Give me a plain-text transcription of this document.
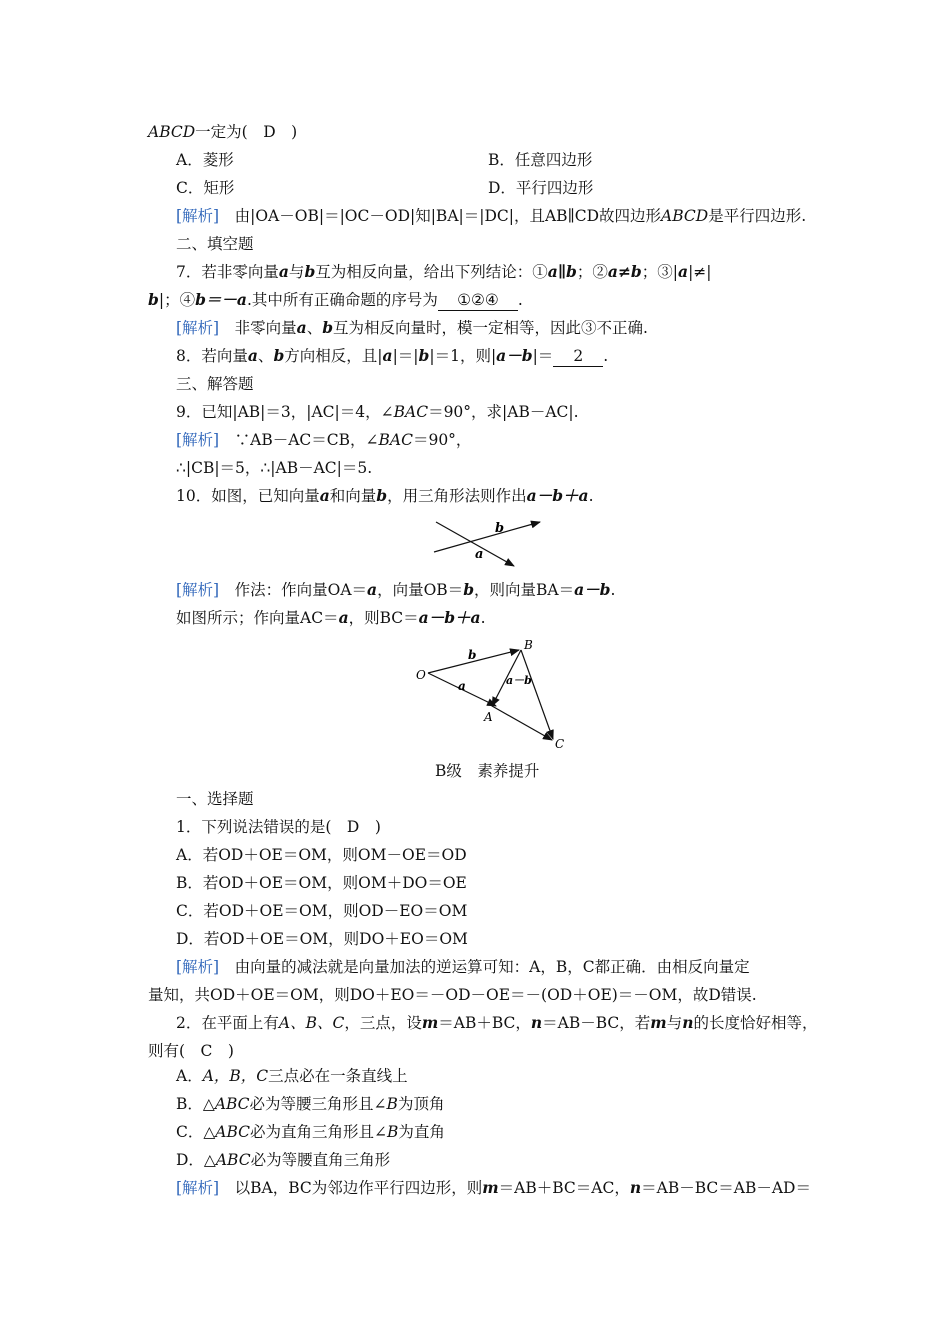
ABCD一定为(　D　)
A．菱形	B．任意四边形
C．矩形	D．平行四边形
[解析]　 由|OA－OB|＝|OC－OD|知|BA|＝|DC|，且AB∥CD故四边形ABCD是平行四边形.
二、填空题
7．若非零向量a与b互为相反向量，给出下列结论：①a∥b；②a≠b；③|a|≠|
b|；④b＝－a.其中所有正确命题的序号为 ①②④ .
[解析]　 非零向量a、b互为相反向量时，模一定相等，因此③不正确.
8．若向量a、b方向相反，且|a|＝|b|＝1，则|a－b|＝ 2 .
三、解答题
9．已知|AB|＝3，|AC|＝4，∠BAC＝90°，求|AB－AC|.
[解析]　 ∵AB－AC＝CB，∠BAC＝90°，
∴|CB|＝5，∴|AB－AC|＝5.
10．如图，已知向量a和向量b，用三角形法则作出a－b＋a.
b
a
[解析]　 作法：作向量OA＝a，向量OB＝b，则向量BA＝a－b.
如图所示；作向量AC＝a，则BC＝a－b＋a.
O
B
A
C
b
a	a－b
B级　素养提升
一、选择题
1．下列说法错误的是(　D　)
A．若OD＋OE＝OM，则OM－OE＝OD
B．若OD＋OE＝OM，则OM＋DO＝OE
C．若OD＋OE＝OM，则OD－EO＝OM
D．若OD＋OE＝OM，则DO＋EO＝OM
[解析]　 由向量的减法就是向量加法的逆运算可知：A，B，C都正确．由相反向量定
量知，共OD＋OE＝OM，则DO＋EO＝－OD－OE＝－(OD＋OE)＝－OM，故D错误.
2．在平面上有A、B、C，三点，设m＝AB＋BC，n＝AB－BC，若m与n的长度恰好相等，
则有(　C　)
A．A，B，C三点必在一条直线上
B．△ABC必为等腰三角形且∠B为顶角
C．△ABC必为直角三角形且∠B为直角
D．△ABC必为等腰直角三角形
[解析]　 以BA，BC为邻边作平行四边形，则m＝AB＋BC＝AC，n＝AB－BC＝AB－AD＝
